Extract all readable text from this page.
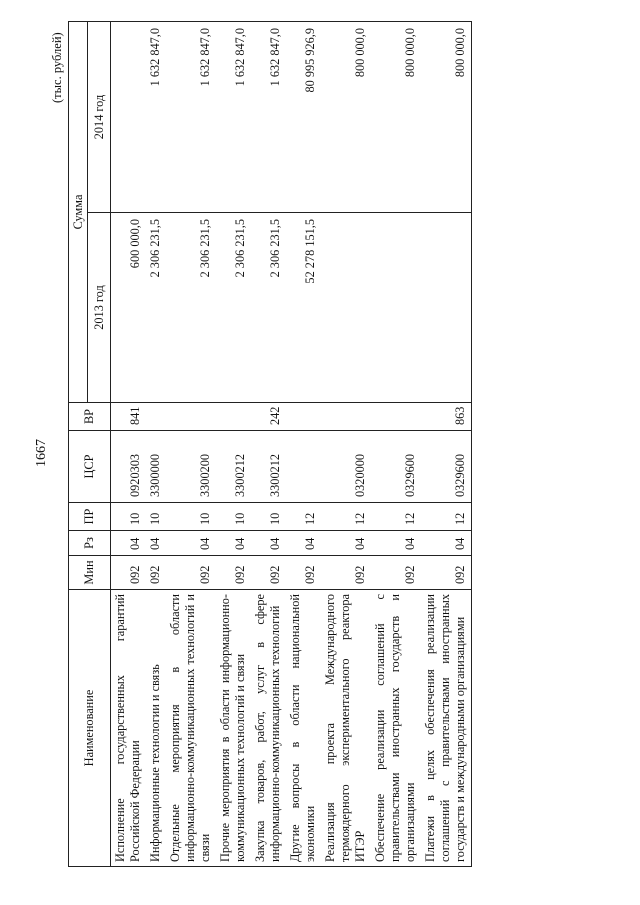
1667
(тыс. рублей)
Наименование	Мин	Рз	ПР	ЦСР	ВР	Сумма	
						2013 год	2014 год
Исполнение государственных гарантий Российской Федерации	092	04	10	0920303	841	600 000,0	
Информационные технологии и связь	092	04	10	3300000		2 306 231,5	1 632 847,0
Отдельные мероприятия в области информационно-коммуникационных технологий и связи	092	04	10	3300200		2 306 231,5	1 632 847,0
Прочие мероприятия в области информационно-коммуникационных технологий и связи	092	04	10	3300212		2 306 231,5	1 632 847,0
Закупка товаров, работ, услуг в сфере информационно-коммуникационных технологий	092	04	10	3300212	242	2 306 231,5	1 632 847,0
Другие вопросы в области национальной экономики	092	04	12			52 278 151,5	80 995 926,9
Реализация проекта Международного термоядерного экспериментального реактора ИТЭР	092	04	12	0320000			800 000,0
Обеспечение реализации соглашений с правительствами иностранных государств и организациями	092	04	12	0329600			800 000,0
Платежи в целях обеспечения реализации соглашений с правительствами иностранных государств и международными организациями	092	04	12	0329600	863		800 000,0
